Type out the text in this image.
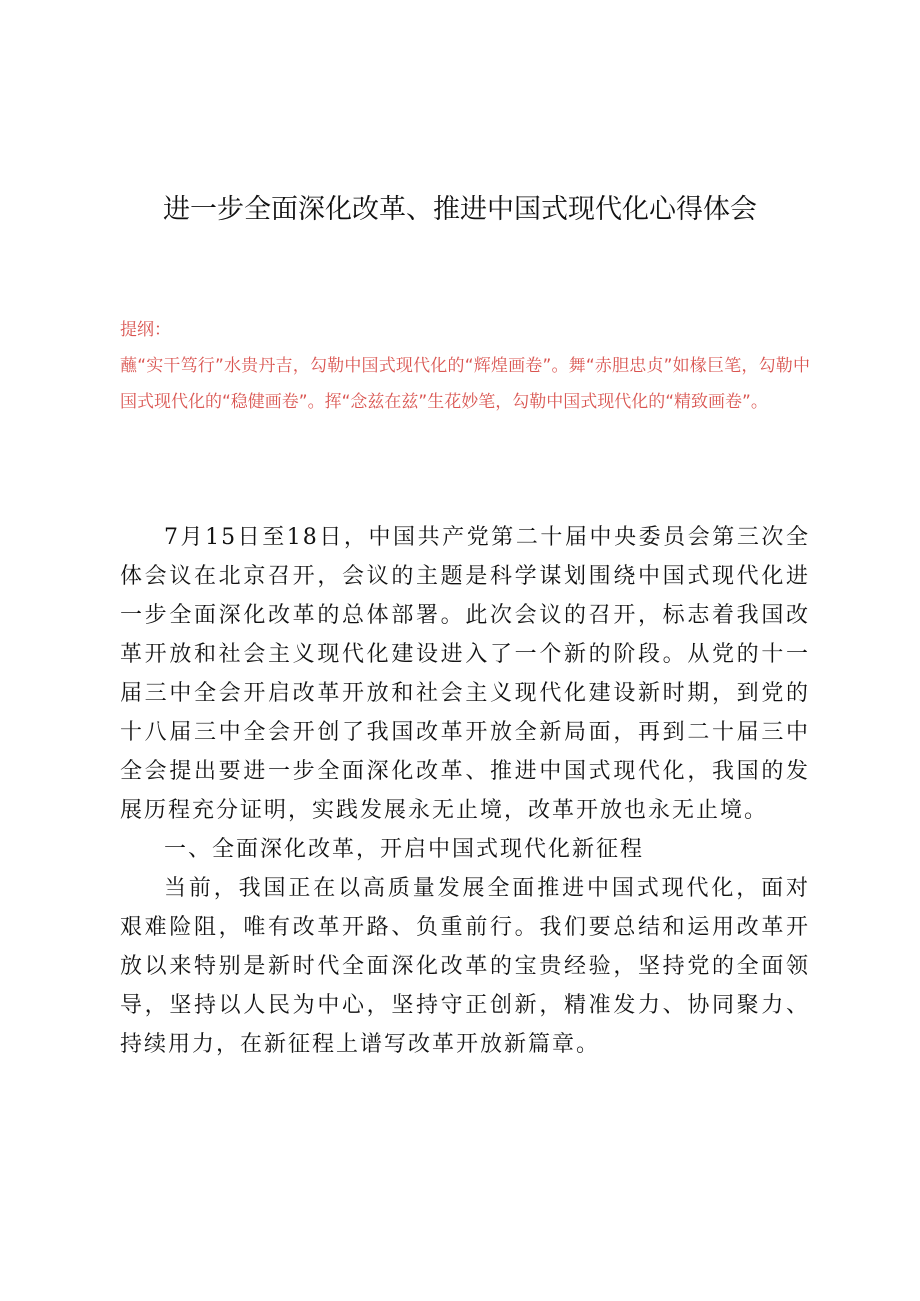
进一步全面深化改革、推进中国式现代化心得体会
提纲：
蘸“实干笃行”水贵丹吉，勾勒中国式现代化的“辉煌画卷”。舞“赤胆忠贞”如椽巨笔，勾勒中国式现代化的“稳健画卷”。挥“念兹在兹”生花妙笔，勾勒中国式现代化的“精致画卷”。

7月15日至18日，中国共产党第二十届中央委员会第三次全体会议在北京召开，会议的主题是科学谋划围绕中国式现代化进一步全面深化改革的总体部署。此次会议的召开，标志着我国改革开放和社会主义现代化建设进入了一个新的阶段。从党的十一届三中全会开启改革开放和社会主义现代化建设新时期，到党的十八届三中全会开创了我国改革开放全新局面，再到二十届三中全会提出要进一步全面深化改革、推进中国式现代化，我国的发展历程充分证明，实践发展永无止境，改革开放也永无止境。

一、全面深化改革，开启中国式现代化新征程

当前，我国正在以高质量发展全面推进中国式现代化，面对艰难险阻，唯有改革开路、负重前行。我们要总结和运用改革开放以来特别是新时代全面深化改革的宝贵经验，坚持党的全面领导，坚持以人民为中心，坚持守正创新，精准发力、协同聚力、持续用力，在新征程上谱写改革开放新篇章。
